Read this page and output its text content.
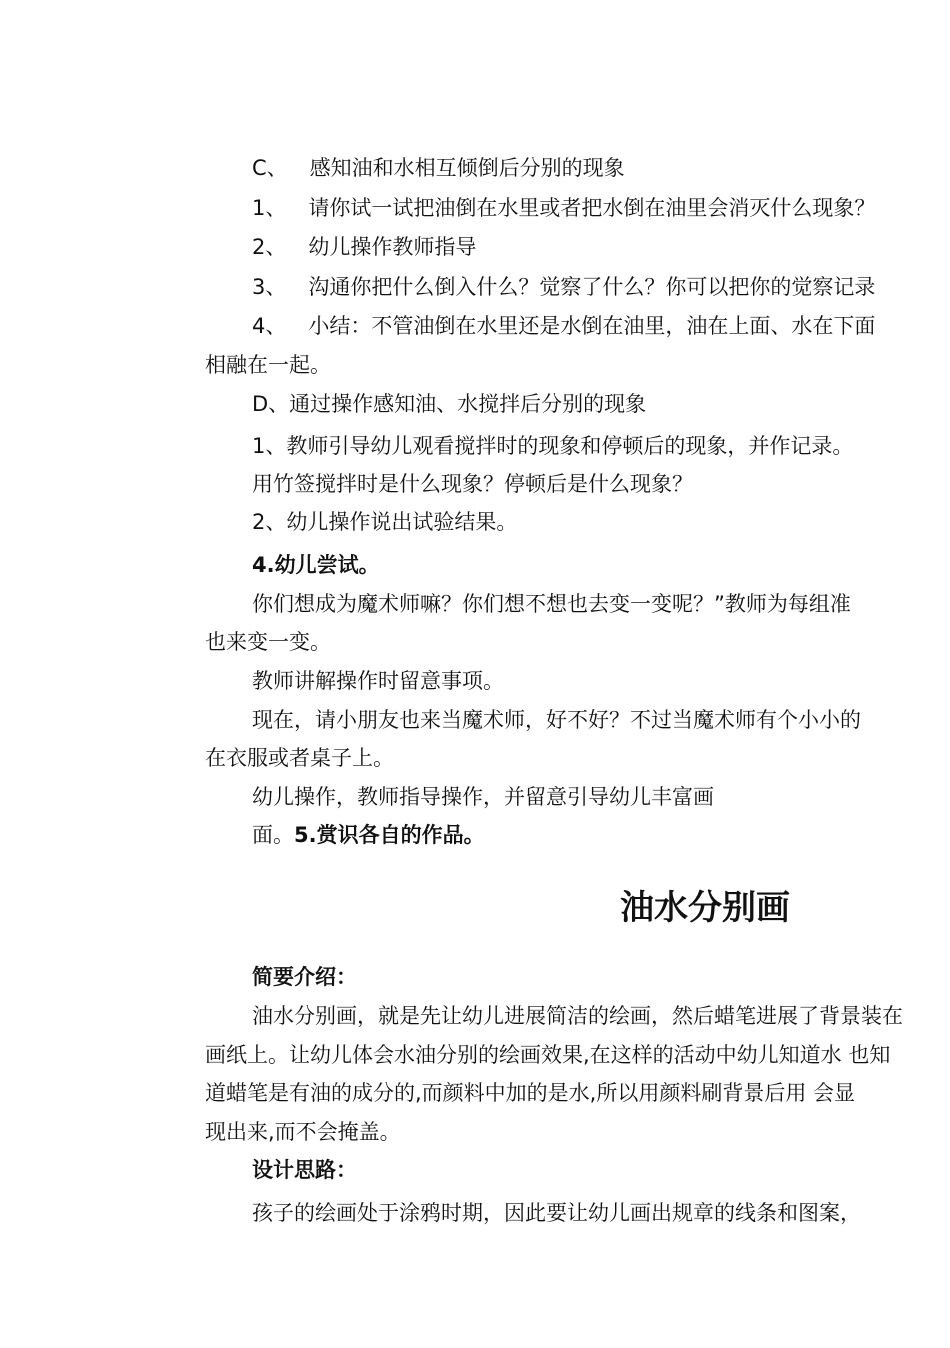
C、 感知油和水相互倾倒后分别的现象
1、 请你试一试把油倒在水里或者把水倒在油里会消灭什么现象？
2、 幼儿操作教师指导
3、 沟通你把什么倒入什么？觉察了什么？你可以把你的觉察记录
4、 小结：不管油倒在水里还是水倒在油里，油在上面、水在下面
相融在一起。
D、通过操作感知油、水搅拌后分别的现象
1、教师引导幼儿观看搅拌时的现象和停顿后的现象，并作记录。
用竹签搅拌时是什么现象？停顿后是什么现象？
2、幼儿操作说出试验结果。
4.幼儿尝试。
你们想成为魔术师嘛？你们想不想也去变一变呢？”教师为每组准
也来变一变。
教师讲解操作时留意事项。
现在，请小朋友也来当魔术师，好不好？不过当魔术师有个小小的
在衣服或者桌子上。
幼儿操作，教师指导操作，并留意引导幼儿丰富画
面。5.赏识各自的作品。
油水分别画
简要介绍：
油水分别画，就是先让幼儿进展简洁的绘画，然后蜡笔进展了背景装在
画纸上。让幼儿体会水油分别的绘画效果,在这样的活动中幼儿知道水 也知
道蜡笔是有油的成分的,而颜料中加的是水,所以用颜料刷背景后用 会显
现出来,而不会掩盖。
设计思路：
孩子的绘画处于涂鸦时期，因此要让幼儿画出规章的线条和图案，
